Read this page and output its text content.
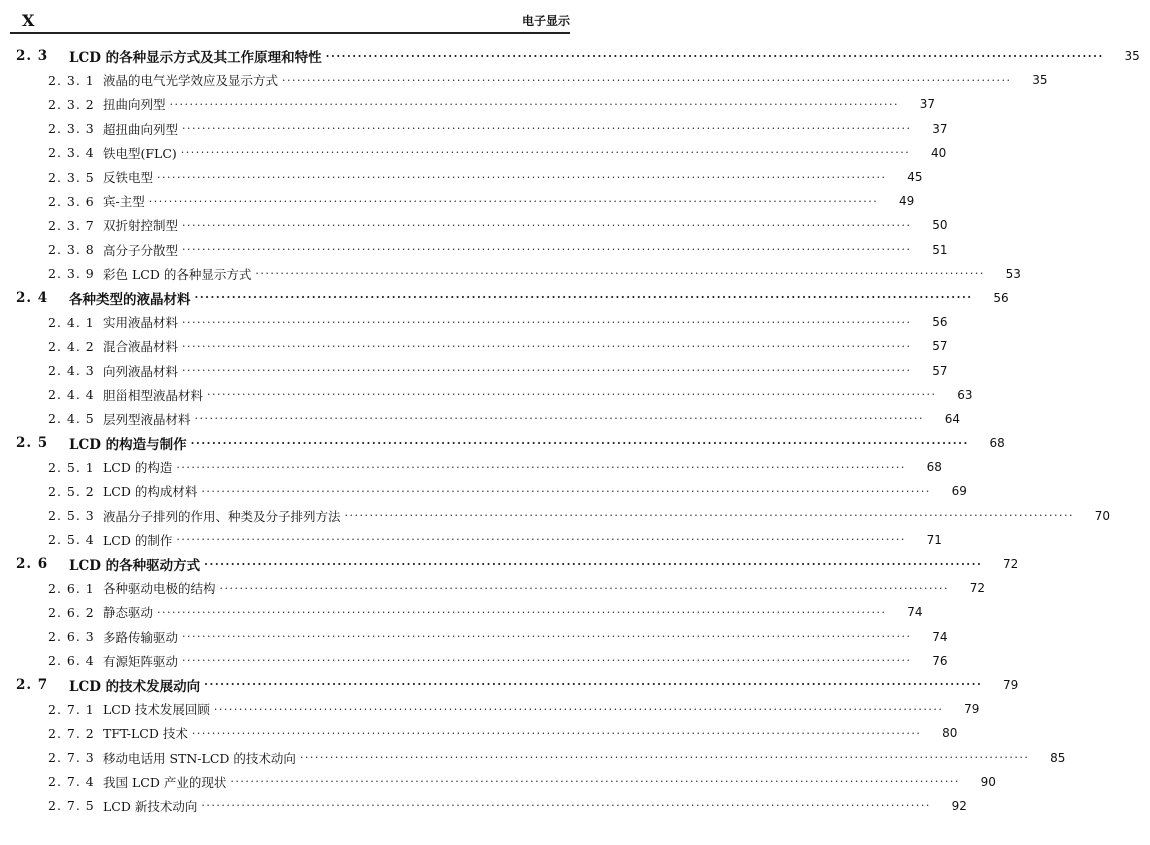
X	电子显示
2. 3	LCD 的各种显示方式及其工作原理和特性 ·····	35
2. 3. 1 液晶的电气光学效应及显示方式 ·····	35
2. 3. 2 扭曲向列型 ·····	37
2. 3. 3 超扭曲向列型 ·····	37
2. 3. 4 铁电型(FLC) ·····	40
2. 3. 5 反铁电型 ·····	45
2. 3. 6 宾-主型 ·····	49
2. 3. 7 双折射控制型 ·····	50
2. 3. 8 高分子分散型 ·····	51
2. 3. 9 彩色 LCD 的各种显示方式 ·····	53
2. 4	各种类型的液晶材料 ·····	56
2. 4. 1 实用液晶材料 ·····	56
2. 4. 2 混合液晶材料 ·····	57
2. 4. 3 向列液晶材料 ·····	57
2. 4. 4 胆甾相型液晶材料 ·····	63
2. 4. 5 层列型液晶材料 ·····	64
2. 5	LCD 的构造与制作 ·····	68
2. 5. 1 LCD 的构造 ·····	68
2. 5. 2 LCD 的构成材料 ·····	69
2. 5. 3 液晶分子排列的作用、种类及分子排列方法 ·····	70
2. 5. 4 LCD 的制作 ·····	71
2. 6	LCD 的各种驱动方式 ·····	72
2. 6. 1 各种驱动电极的结构 ·····	72
2. 6. 2 静态驱动 ·····	74
2. 6. 3 多路传输驱动 ·····	74
2. 6. 4 有源矩阵驱动 ·····	76
2. 7	LCD 的技术发展动向 ·····	79
2. 7. 1 LCD 技术发展回顾 ·····	79
2. 7. 2 TFT-LCD 技术 ·····	80
2. 7. 3 移动电话用 STN-LCD 的技术动向 ·····	85
2. 7. 4 我国 LCD 产业的现状 ·····	90
2. 7. 5 LCD 新技术动向 ·····	92
